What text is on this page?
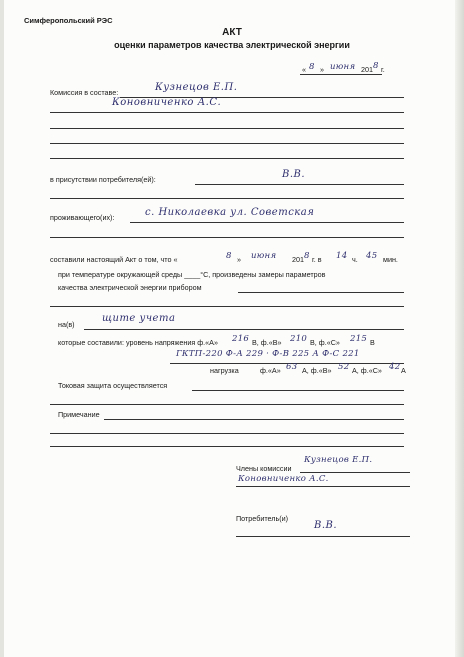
Симферопольский РЭС
АКТ
оценки параметров качества электрической энергии
« 8 » июня 201 8 г.
Комиссия в составе:	Кузнецов Е.П.
Коновниченко А.С.
в присутствии потребителя(ей):	В.В.
проживающего(их):	с. Николаевка ул. Советская
составили настоящий Акт о том, что «	8 » июня 201 8 г. в 14 ч. 45 мин.
при температуре окружающей среды ____°С, произведены замеры параметров
качества электрической энергии прибором
на(в)
щите учета
которые составили: уровень напряжения ф.«А» 216 В, ф.«В» 210 В, ф.«С» 215 В
ГКТП-220 Ф-А 229 · Ф-В 225 А Ф-С 221
нагрузка	ф.«А» 63 А, ф.«В» 52 А, ф.«С» 42 А
Токовая защита осуществляется
Примечание
Члены комиссии
Кузнецов Е.П.
Коновниченко А.С.
Потребитель(и)
В.В.
